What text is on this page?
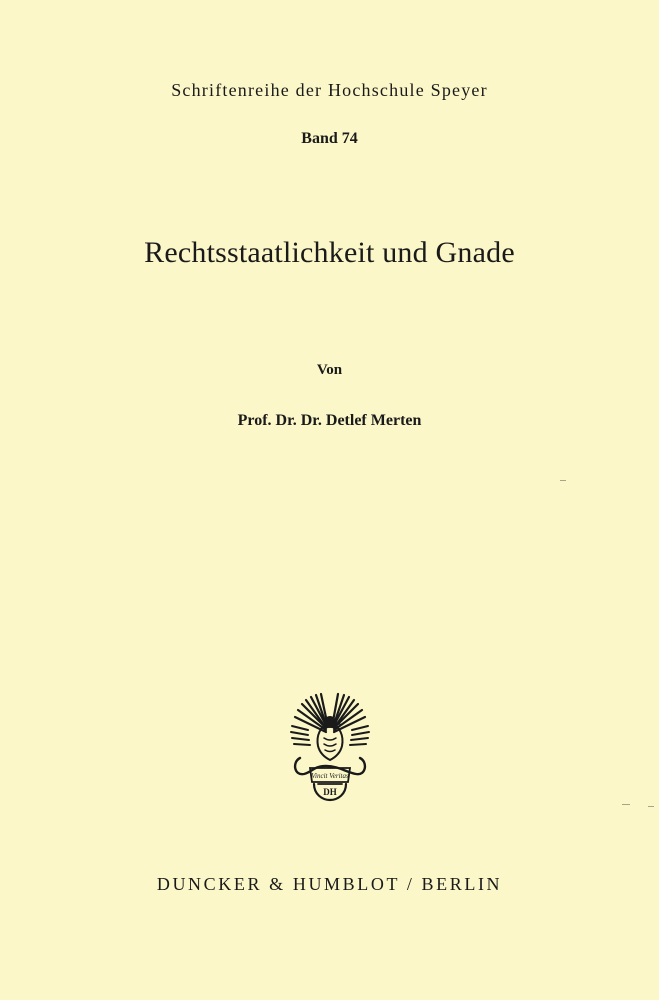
Schriftenreihe der Hochschule Speyer
Band 74
Rechtsstaatlichkeit und Gnade
Von
Prof. Dr. Dr. Detlef Merten
Vincit Veritas
DH
DUNCKER & HUMBLOT / BERLIN
